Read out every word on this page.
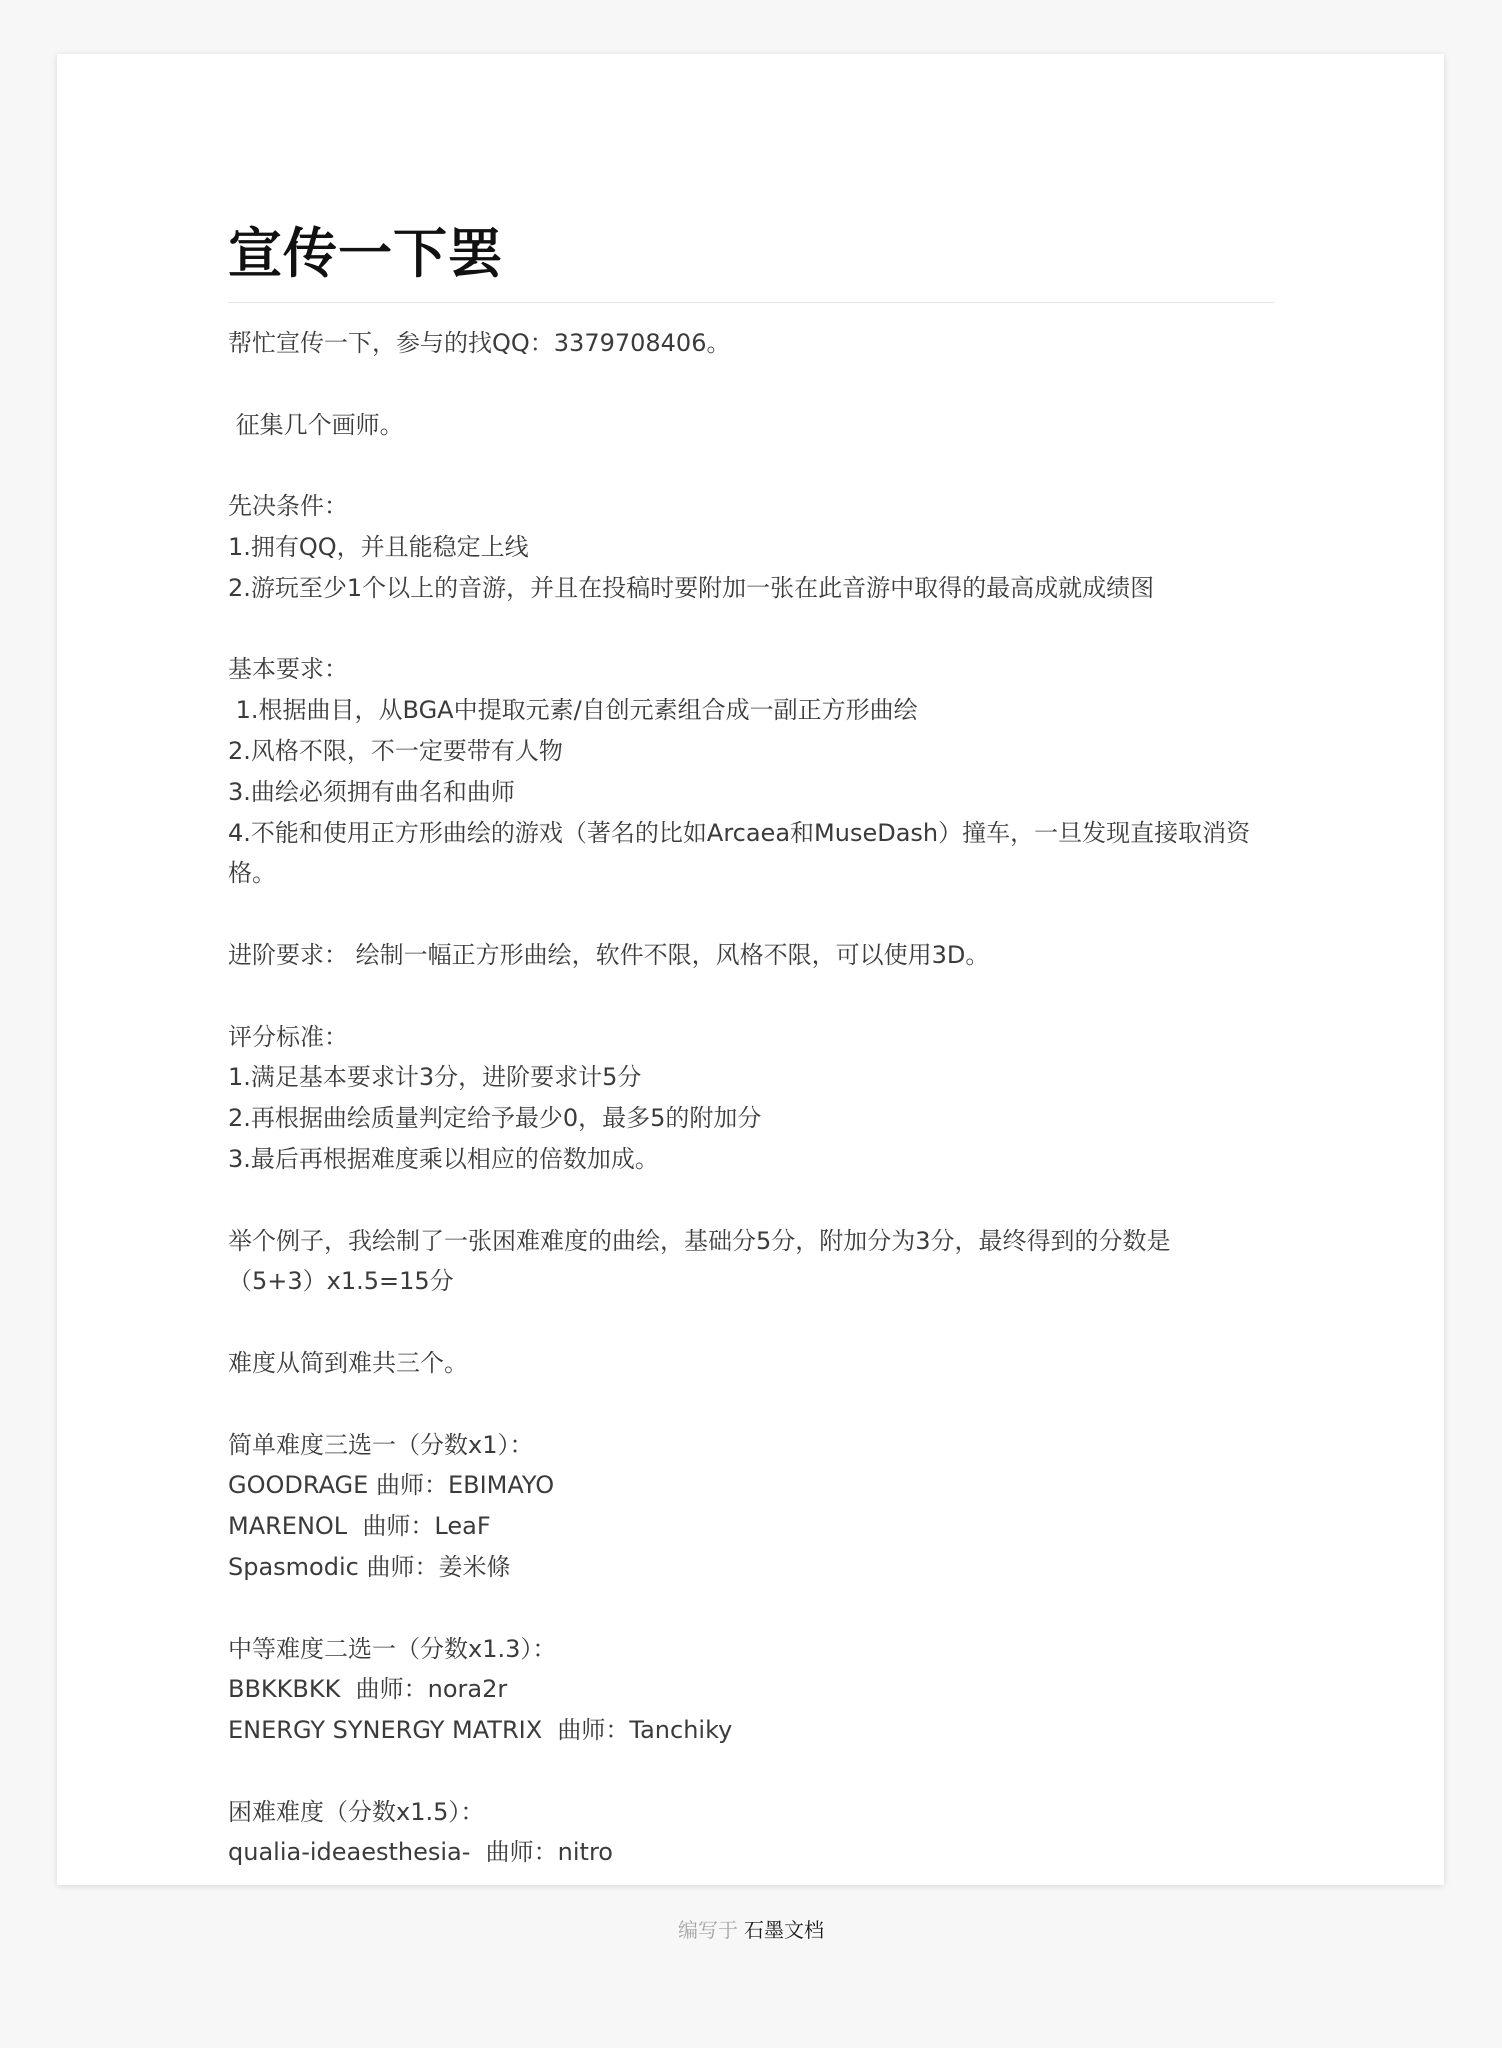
宣传一下罢
帮忙宣传一下，参与的找QQ：3379708406。
征集几个画师。
先决条件：
1.拥有QQ，并且能稳定上线
2.游玩至少1个以上的音游，并且在投稿时要附加一张在此音游中取得的最高成就成绩图
基本要求：
1.根据曲目，从BGA中提取元素/自创元素组合成一副正方形曲绘
2.风格不限，不一定要带有人物
3.曲绘必须拥有曲名和曲师
4.不能和使用正方形曲绘的游戏（著名的比如Arcaea和MuseDash）撞车，一旦发现直接取消资
格。
进阶要求： 绘制一幅正方形曲绘，软件不限，风格不限，可以使用3D。
评分标准：
1.满足基本要求计3分，进阶要求计5分
2.再根据曲绘质量判定给予最少0，最多5的附加分
3.最后再根据难度乘以相应的倍数加成。
举个例子，我绘制了一张困难难度的曲绘，基础分5分，附加分为3分，最终得到的分数是
（5+3）x1.5=15分
难度从简到难共三个。
简单难度三选一（分数x1）：
GOODRAGE 曲师：EBIMAYO
MARENOL  曲师：LeaF
Spasmodic 曲师：姜米條
中等难度二选一（分数x1.3）：
BBKKBKK  曲师：nora2r
ENERGY SYNERGY MATRIX  曲师：Tanchiky
困难难度（分数x1.5）：
qualia-ideaesthesia-  曲师：nitro
编写于 石墨文档
